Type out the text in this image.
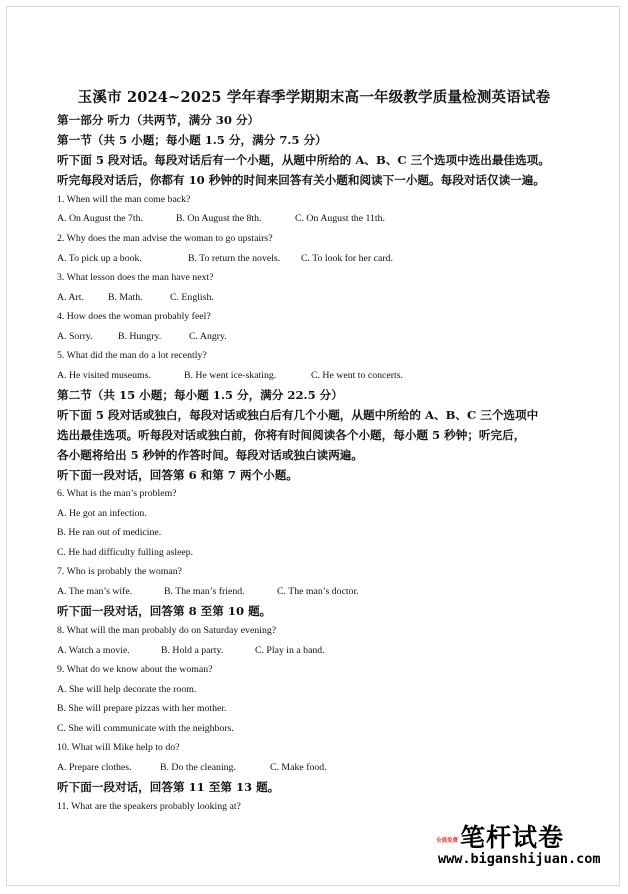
玉溪市 2024~2025 学年春季学期期末高一年级教学质量检测英语试卷
第一部分 听力（共两节，满分 30 分）
第一节（共 5 小题；每小题 1.5 分，满分 7.5 分）
听下面 5 段对话。每段对话后有一个小题，从题中所给的 A、B、C 三个选项中选出最佳选项。
听完每段对话后，你都有 10 秒钟的时间来回答有关小题和阅读下一小题。每段对话仅读一遍。
1. When will the man come back?
A. On August the 7th.	B. On August the 8th.	C. On August the 11th.
2. Why does the man advise the woman to go upstairs?
A. To pick up a book.	B. To return the novels. C. To look for her card.
3. What lesson does the man have next?
A. Art. B. Math.	C. English.
4. How does the woman probably feel?
A. Sorry.	B. Hungry.	C. Angry.
5. What did the man do a lot recently?
A. He visited museums.	B. He went ice-skating.	C. He went to concerts.
第二节（共 15 小题；每小题 1.5 分，满分 22.5 分）
听下面 5 段对话或独白，每段对话或独白后有几个小题，从题中所给的 A、B、C 三个选项中
选出最佳选项。听每段对话或独白前，你将有时间阅读各个小题，每小题 5 秒钟；听完后，
各小题将给出 5 秒钟的作答时间。每段对话或独白读两遍。
听下面一段对话，回答第 6 和第 7 两个小题。
6. What is the man’s problem?
A. He got an infection.
B. He ran out of medicine.
C. He had difficulty fulling asleep.
7. Who is probably the woman?
A. The man’s wife.	B. The man’s friend.	C. The man’s doctor.
听下面一段对话，回答第 8 至第 10 题。
8. What will the man probably do on Saturday evening?
A. Watch a movie.	B. Hold a party.	C. Play in a band.
9. What do we know about the woman?
A. She will help decorate the room.
B. She will prepare pizzas with her mother.
C. She will communicate with the neighbors.
10. What will Mike help to do?
A. Prepare clothes.	B. Do the cleaning.	C. Make food.
听下面一段对话，回答第 11 至第 13 题。
11. What are the speakers probably looking at?
全部免费 笔杆试卷
www.biganshijuan.com
